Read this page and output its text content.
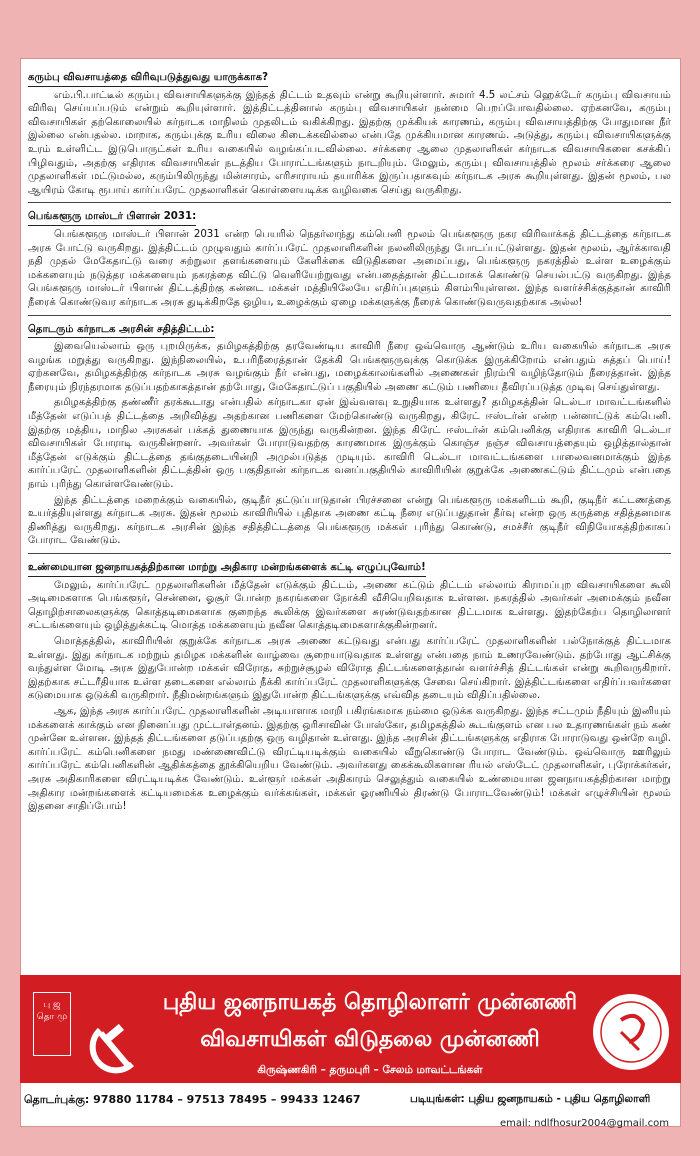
கரும்பு விவசாயத்தை விரிவுபடுத்துவது யாருக்காக?

எம்.பி.பாட்டீல் கரும்பு விவசாயிகளுக்கு இந்தத் திட்டம் உதவும் என்று கூறியுள்ளார். சுமார் 4.5 லட்சம் ஹெக்டேர் கரும்பு விவசாயம் விரிவு செய்யப்படும் என்றும் கூறியுள்ளார். இத்திட்டத்தினால் கரும்பு விவசாயிகள் நன்மை பெறப்போவதில்லை. ஏற்கனவே, கரும்பு விவசாயிகள் தற்கொலையில் கர்நாடக மாநிலம் முதலிடம் வகிக்கிறது. இதற்கு முக்கியக் காரணம், கரும்பு விவசாயத்திற்கு போதுமான நீர் இல்லை என்பதல்ல. மாறாக, கரும்புக்கு உரிய விலை கிடைக்கவில்லை என்பதே முக்கியமான காரணம். அடுத்து, கரும்பு விவசாயிகளுக்கு உரம் உள்ளிட்ட இடுபொருட்கள் உரிய வகையில் வழங்கப்படவில்லை. சர்க்கரை ஆலை முதலாளிகள் கர்நாடக விவசாயிகளை கசக்கிப் பிழிவதும், அதற்கு எதிராக விவசாயிகள் நடத்திய போராட்டங்களும் நாடறியும். மேலும், கரும்பு விவசாயத்தில் மூலம் சர்க்கரை ஆலை முதலாளிகள் மட்டுமல்ல, கரும்பிலிருந்து மின்சாரம், எரிசாராயம் தயாரிக்க இருப்பதாகவும் கர்நாடக அரசு கூறியுள்ளது. இதன் மூலம், பல ஆயிரம் கோடி ரூபாய் கார்ப்பரேட் முதலாளிகள் கொள்ளையடிக்க வழிவகை செய்து வருகிறது.

பெங்களூரு மாஸ்டர் பிளான் 2031:

பெங்களூரு மாஸ்டர் பிளான் 2031 என்ற பெயரில் நெதர்லாந்து கம்பெனி மூலம் பெங்களூரு நகர விரிவாக்கத் திட்டத்தை கர்நாடக அரசு போட்டு வருகிறது. இத்திட்டம் முழுவதும் கார்ப்பரேட் முதலாளிகளின் நலனிலிருந்து போடப்பட்டுள்ளது. இதன் மூலம், ஆர்க்காவதி நதி முதல் மேகேதாட்டு வரை சுற்றுலா தளங்களையும் கேளிக்கை விடுதிகளை அமைப்பது, பெங்களூரு நகரத்தில் உள்ள உழைக்கும் மக்களையும் நடுத்தர மக்களையும் நகரத்தை விட்டு வெளியேற்றுவது என்பதைத்தான் திட்டமாகக் கொண்டு செயல்பட்டு வருகிறது. இந்த பெங்களூரு மாஸ்டர் பிளான் திட்டத்திற்கு கன்னட மக்கள் மத்தியிலேயே எதிர்ப்புகளும் கிளம்பியுள்ளன. இந்த வளர்ச்சிக்குத்தான் காவிரி நீரைக் கொண்டுவர கர்நாடக அரசு துடிக்கிறதே ஒழிய, உழைக்கும் ஏழை மக்களுக்கு நீரைக் கொண்டுவருவதற்காக அல்ல!

தொடரும் கர்நாடக அரசின் சதித்திட்டம்:

இவையெல்லாம் ஒரு புறமிருக்க, தமிழகத்திற்கு தரவேண்டிய காவிரி நீரை ஒவ்வொரு ஆண்டும் உரிய வகையில் கர்நாடக அரசு வழங்க மறுத்து வருகிறது. இந்நிலையில், உபரிநீரைத்தான் தேக்கி பெங்களூருவுக்கு கொடுக்க இருக்கிறோம் என்பதும் சுத்தப் பொய்! ஏற்கனவே, தமிழகத்திற்கு கர்நாடக அரசு வழங்கும் நீர் என்பது, மழைக்காலங்களில் அணைகள் நிரம்பி வழிந்தோடும் நீரைத்தான். இந்த நீரையும் நிரந்தரமாக தடுப்பதற்காகத்தான் தற்போது, மேகேதாட்டுப் பகுதியில் அணை கட்டும் பணியை தீவிரப்படுத்த முடிவு செய்துள்ளது.

தமிழகத்திற்கு தண்ணீர் தரக்கூடாது என்பதில் கர்நாடகா ஏன் இவ்வளவு உறுதியாக உள்ளது? தமிழகத்தின் டெல்டா மாவட்டங்களில் மீத்தேன் எடுப்பத் திட்டத்தை அறிவித்து அதற்கான பணிகளை மேற்கொண்டு வருகிறது, கிரேட் ஈஸ்டர்ன் என்ற பன்னாட்டுக் கம்பெனி. இதற்கு மத்திய, மாநில அரசுகள் பக்கத் துணையாக இருந்து வருகின்றன. இந்த கிரேட் ஈஸ்டர்ன் கம்பெனிக்கு எதிராக காவிரி டெல்டா விவசாயிகள் போராடி வருகின்றனர். அவர்கள் போராடுவதற்கு காரணமாக இருக்கும் கொஞ்ச நஞ்ச விவசாயத்தையும் ஒழித்தால்தான் மீத்தேன் எடுக்கும் திட்டத்தை தங்குதடையின்றி அமுல்படுத்த முடியும். காவிரி டெல்டா மாவட்டங்களை பாலைவனமாக்கும் இந்த கார்ப்பரேட் முதலாளிகளின் திட்டத்தின் ஒரு பகுதிதான் கர்நாடக வனப்பகுதியில் காவிரியின் குறுக்கே அணைகட்டும் திட்டமும் என்பதை நாம் புரிந்து கொள்ளவேண்டும்.

இந்த திட்டத்தை மறைக்கும் வகையில், குடிநீர் தட்டுப்பாடுதான் பிரச்சனை என்று பெங்களூரு மக்களிடம் கூறி, குடிநீர் கட்டணத்தை உயர்த்தியுள்ளது கர்நாடக அரசு. இதன் மூலம் காவிரியில் புதிதாக அணை கட்டி நீரை எடுப்பதுதான் தீர்வு என்ற ஒரு கருத்தை சதித்தனமாக திணித்து வருகிறது. கர்நாடக அரசின் இந்த சதித்திட்டத்தை பெங்களூரு மக்கள் புரிந்து கொண்டு, சமச்சீர் குடிநீர் விநியோகத்திற்காகப் போராட வேண்டும்.

உண்மையான ஜனநாயகத்திற்கான மாற்று அதிகார மன்றங்களைக் கட்டி எழுப்புவோம்!

மேலும், கார்ப்பரேட் முதலாளிகளின் மீத்தேன் எடுக்கும் திட்டம், அணை கட்டும் திட்டம் எல்லாம் கிராமப்புற விவசாயிகளை கூலி அடிமைகளாக பெங்களூர், சென்னை, ஓசூர் போன்ற நகரங்களை நோக்கி வீசியெறிவதாக உள்ளன. நகரத்தில் அவர்கள் அமைக்கும் நவீன தொழிற்சாலைகளுக்கு கொத்தடிமைகளாக குறைந்த கூலிக்கு இவர்களை சுரண்டுவதற்கான திட்டமாக உள்ளது. இதற்கேற்ப தொழிலாளர் சட்டங்களையும் ஒழித்துக்கட்டி மொத்த மக்களையும் நவீன கொத்தடிமைகளாக்குகின்றனர்.

மொத்தத்தில், காவிரியின் குறுக்கே கர்நாடக அரசு அணை கட்டுவது என்பது கார்ப்பரேட் முதலாளிகளின் பல்நோக்குத் திட்டமாக உள்ளது. இது கர்நாடக மற்றும் தமிழக மக்களின் வாழ்வை சூறையாடுவதாக உள்ளது என்பதை நாம் உணரவேண்டும். தற்போது ஆட்சிக்கு வந்துள்ள மோடி அரசு இதுபோன்ற மக்கள் விரோத, சுற்றுச்சூழல் விரோத திட்டங்களைத்தான் வளர்ச்சித் திட்டங்கள் என்று கூறிவருகிறார். இதற்காக சட்டரீதியாக உள்ள தடைகளை எல்லாம் நீக்கி கார்ப்பரேட் முதலாளிகளுக்கு சேவை செய்கிறார். இத்திட்டங்களை எதிர்ப்பவர்களை கடுமையாக ஒடுக்கி வருகிறார். நீதிமன்றங்களும் இதுபோன்ற திட்டங்களுக்கு எவ்வித தடையும் விதிப்பதில்லை.

ஆக, இந்த அரசு கார்ப்பரேட் முதலாளிகளின் அடியாளாக மாறி பகிரங்கமாக நம்மை ஒடுக்க வருகிறது. இந்த சட்டமும் நீதியும் இனியும் மக்களைக் காக்கும் என நினைப்பது முட்டாள்தனம். இதற்கு ஒரிசாவின் போஸ்கோ, தமிழகத்தில் கூடங்குளம் என பல உதாரணங்கள் நம் கண் முன்னே உள்ளன. இந்தத் திட்டங்களை தடுப்பதற்கு ஒரு வழிதான் உள்ளது. இந்த அரசின் திட்டங்களுக்கு எதிராக போராடுவது ஒன்றே வழி. கார்ப்பரேட் கம்பெனிகளை நமது மண்ணைவிட்டு விரட்டியடிக்கும் வகையில் வீறுகொண்டு போராட வேண்டும். ஒவ்வொரு ஊரிலும் கார்ப்பரேட் கம்பெனிகளின் ஆதிக்கத்தை தூக்கியெறிய வேண்டும். அவர்களது கைக்கூலிகளான ரியல் எஸ்டேட் முதலாளிகள், புரோக்கர்கள், அரசு அதிகாரிகளை விரட்டியடிக்க வேண்டும். உள்ளூர் மக்கள் அதிகாரம் செலுத்தும் வகையில் உண்மையான ஜனநாயகத்திற்கான மாற்று அதிகார மன்றங்களைக் கட்டியமைக்க உழைக்கும் வர்க்கங்கள், மக்கள் ஓரணியில் திரண்டு போராடவேண்டும்! மக்கள் எழுச்சியின் மூலம் இதனை சாதிப்போம்!

பு ஜ தொ மு
புதிய ஜனநாயகத் தொழிலாளர் முன்னணி
விவசாயிகள் விடுதலை முன்னணி
கிருஷ்ணகிரி – தருமபுரி – சேலம் மாவட்டங்கள்
தொடர்புக்கு: 97880 11784 – 97513 78495 – 99433 12467	படியுங்கள்: புதிய ஜனநாயகம் - புதிய தொழிலாளி
email: ndlfhosur2004@gmail.com
